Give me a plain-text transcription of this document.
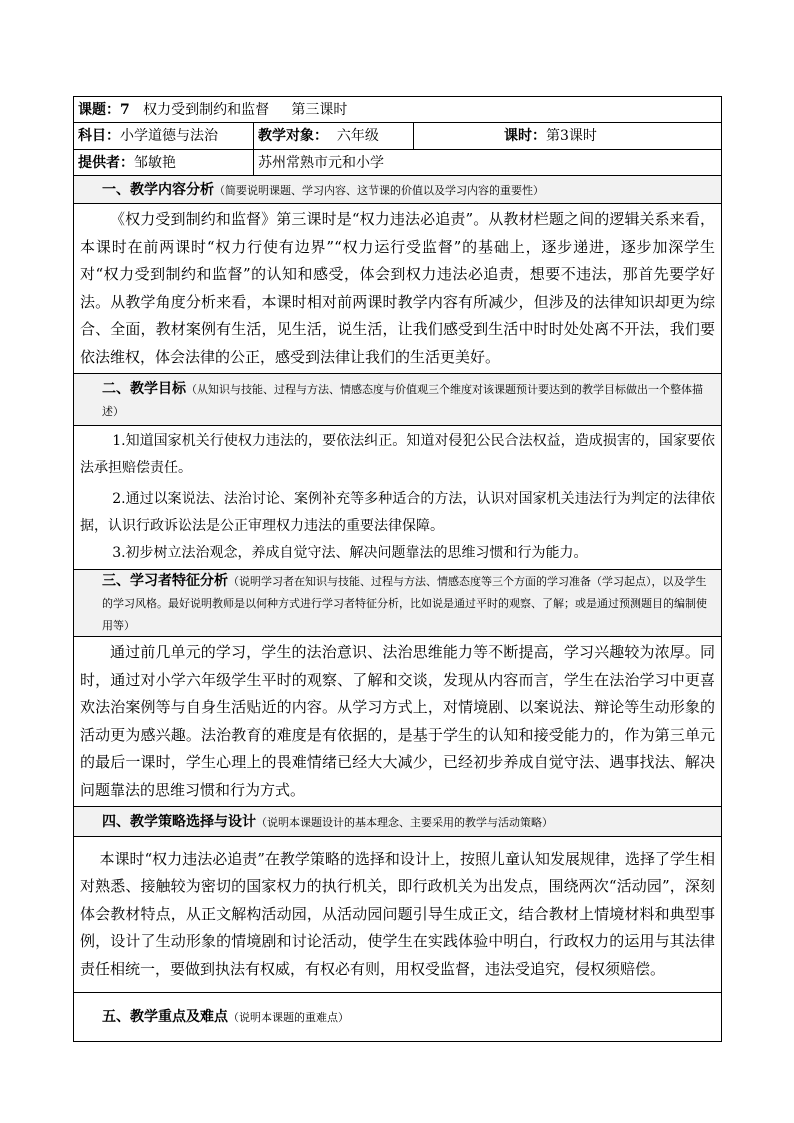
课题：7 权力受到制约和监督 第三课时		
科目：小学道德与法治	教学对象： 六年级	课时：第3课时
提供者：邹敏艳	苏州常熟市元和小学	
一、教学内容分析（简要说明课题、学习内容、这节课的价值以及学习内容的重要性）		

《权力受到制约和监督》第三课时是“权力违法必追责”。从教材栏题之间的逻辑关系来看，本课时在前两课时“权力行使有边界”“权力运行受监督”的基础上，逐步递进，逐步加深学生对“权力受到制约和监督”的认知和感受，体会到权力违法必追责，想要不违法，那首先要学好法。从教学角度分析来看，本课时相对前两课时教学内容有所减少，但涉及的法律知识却更为综合、全面，教材案例有生活，见生活，说生活，让我们感受到生活中时时处处离不开法，我们要依法维权，体会法律的公正，感受到法律让我们的生活更美好。		

二、教学目标（从知识与技能、过程与方法、情感态度与价值观三个维度对该课题预计要达到的教学目标做出一个整体描述）		

1.知道国家机关行使权力违法的，要依法纠正。知道对侵犯公民合法权益，造成损害的，国家要依法承担赔偿责任。

2.通过以案说法、法治讨论、案例补充等多种适合的方法，认识对国家机关违法行为判定的法律依据，认识行政诉讼法是公正审理权力违法的重要法律保障。

3.初步树立法治观念，养成自觉守法、解决问题靠法的思维习惯和行为能力。		

三、学习者特征分析（说明学习者在知识与技能、过程与方法、情感态度等三个方面的学习准备（学习起点），以及学生的学习风格。最好说明教师是以何种方式进行学习者特征分析，比如说是通过平时的观察、了解；或是通过预测题目的编制使用等）		

通过前几单元的学习，学生的法治意识、法治思维能力等不断提高，学习兴趣较为浓厚。同时，通过对小学六年级学生平时的观察、了解和交谈，发现从内容而言，学生在法治学习中更喜欢法治案例等与自身生活贴近的内容。从学习方式上，对情境剧、以案说法、辩论等生动形象的活动更为感兴趣。法治教育的难度是有依据的，是基于学生的认知和接受能力的，作为第三单元的最后一课时，学生心理上的畏难情绪已经大大减少，已经初步养成自觉守法、遇事找法、解决问题靠法的思维习惯和行为方式。		

四、教学策略选择与设计（说明本课题设计的基本理念、主要采用的教学与活动策略）		

本课时“权力违法必追责”在教学策略的选择和设计上，按照儿童认知发展规律，选择了学生相对熟悉、接触较为密切的国家权力的执行机关，即行政机关为出发点，围绕两次“活动园”，深刻体会教材特点，从正文解构活动园，从活动园问题引导生成正文，结合教材上情境材料和典型事例，设计了生动形象的情境剧和讨论活动，使学生在实践体验中明白，行政权力的运用与其法律责任相统一，要做到执法有权威，有权必有则，用权受监督，违法受追究，侵权须赔偿。		

五、教学重点及难点（说明本课题的重难点）		
